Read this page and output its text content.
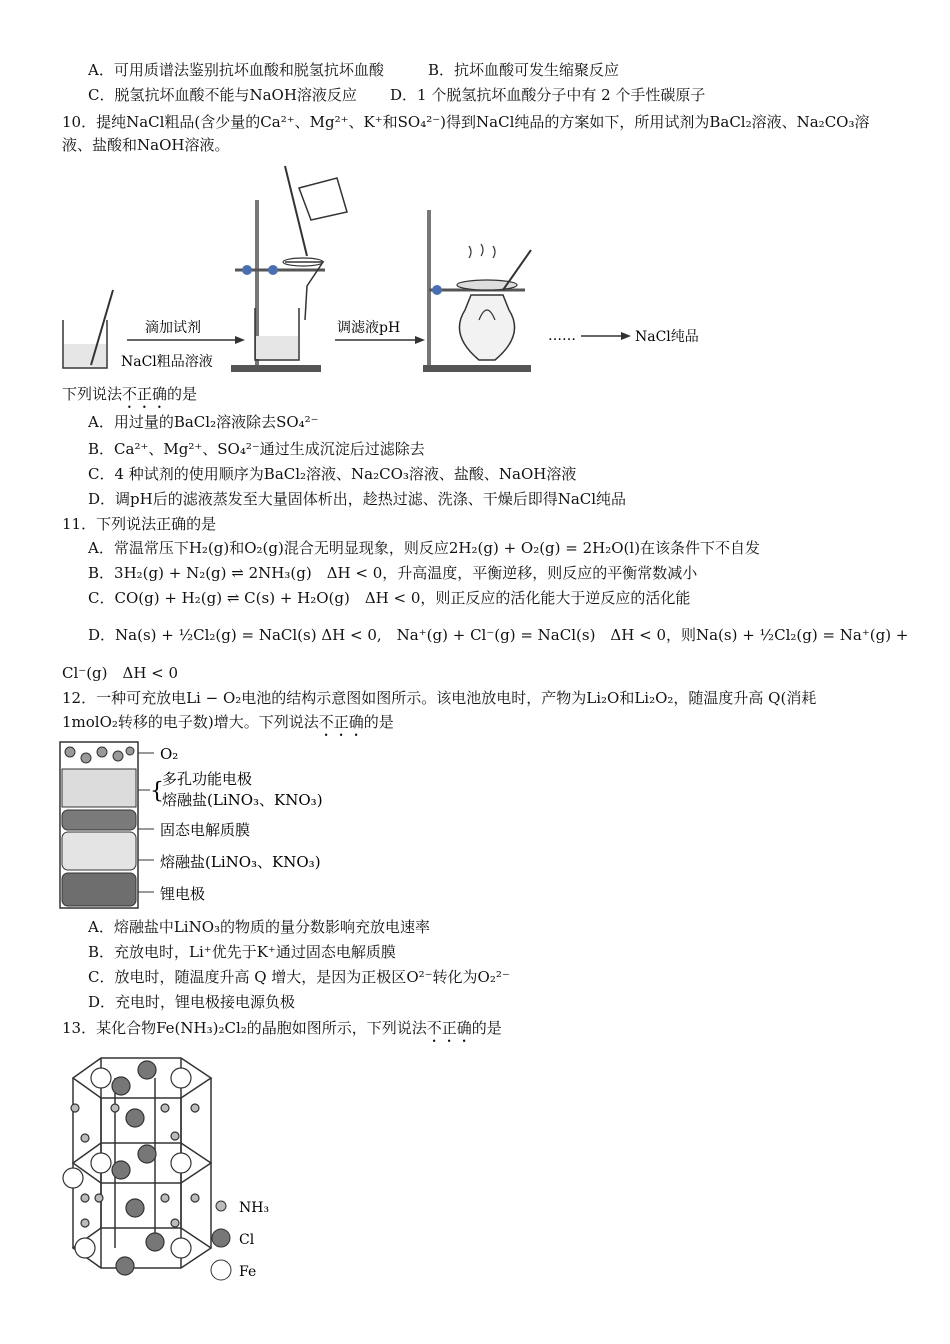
A．可用质谱法鉴别抗坏血酸和脱氢抗坏血酸	B．抗坏血酸可发生缩聚反应
C．脱氢抗坏血酸不能与NaOH溶液反应 D．1 个脱氢抗坏血酸分子中有 2 个手性碳原子
10．提纯NaCl粗品(含少量的Ca²⁺、Mg²⁺、K⁺和SO₄²⁻)得到NaCl纯品的方案如下，所用试剂为BaCl₂溶液、Na₂CO₃溶
液、盐酸和NaOH溶液。
NaCl粗品溶液
滴加试剂	调滤液pH	……	NaCl纯品
下列说法不正确的是
A．用过量的BaCl₂溶液除去SO₄²⁻
B．Ca²⁺、Mg²⁺、SO₄²⁻通过生成沉淀后过滤除去
C．4 种试剂的使用顺序为BaCl₂溶液、Na₂CO₃溶液、盐酸、NaOH溶液
D．调pH后的滤液蒸发至大量固体析出，趁热过滤、洗涤、干燥后即得NaCl纯品
11．下列说法正确的是
A．常温常压下H₂(g)和O₂(g)混合无明显现象，则反应2H₂(g) + O₂(g) = 2H₂O(l)在该条件下不自发
B．3H₂(g) + N₂(g) ⇌ 2NH₃(g)　ΔH < 0，升高温度，平衡逆移，则反应的平衡常数减小
C．CO(g) + H₂(g) ⇌ C(s) + H₂O(g)　ΔH < 0，则正反应的活化能大于逆反应的活化能
D．Na(s) + ½Cl₂(g) = NaCl(s) ΔH < 0,　Na⁺(g) + Cl⁻(g) = NaCl(s)　ΔH < 0，则Na(s) + ½Cl₂(g) = Na⁺(g) +
Cl⁻(g)　ΔH < 0
12．一种可充放电Li − O₂电池的结构示意图如图所示。该电池放电时，产物为Li₂O和Li₂O₂，随温度升高 Q(消耗
1molO₂转移的电子数)增大。下列说法不正确的是
O₂
{
多孔功能电极
熔融盐(LiNO₃、KNO₃)
固态电解质膜
熔融盐(LiNO₃、KNO₃)
锂电极
A．熔融盐中LiNO₃的物质的量分数影响充放电速率
B．充放电时，Li⁺优先于K⁺通过固态电解质膜
C．放电时，随温度升高 Q 增大，是因为正极区O²⁻转化为O₂²⁻
D．充电时，锂电极接电源负极
13．某化合物Fe(NH₃)₂Cl₂的晶胞如图所示，下列说法不正确的是
NH₃
Cl
Fe
